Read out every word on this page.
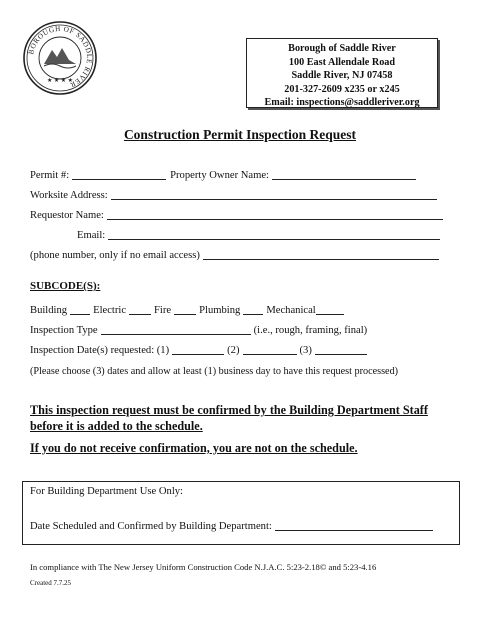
BOROUGH OF SADDLE RIVER
★ ★ ★ ★
Borough of Saddle River
100 East Allendale Road
Saddle River, NJ 07458
201-327-2609 x235 or x245
Email: inspections@saddleriver.org
Construction Permit Inspection Request
Permit #:	Property Owner Name:
Worksite Address:
Requestor Name:
Email:
(phone number, only if no email access)
SUBCODE(S):
Building Electric	Fire	Plumbing Mechanical
Inspection Type	(i.e., rough, framing, final)
Inspection Date(s) requested: (1)	(2)	(3)
(Please choose (3) dates and allow at least (1) business day to have this request processed)
This inspection request must be confirmed by the Building Department Staff
before it is added to the schedule.
If you do not receive confirmation, you are not on the schedule.
For Building Department Use Only:
Date Scheduled and Confirmed by Building Department:
In compliance with The New Jersey Uniform Construction Code N.J.A.C. 5:23-2.18© and 5:23-4.16
Created 7.7.25
